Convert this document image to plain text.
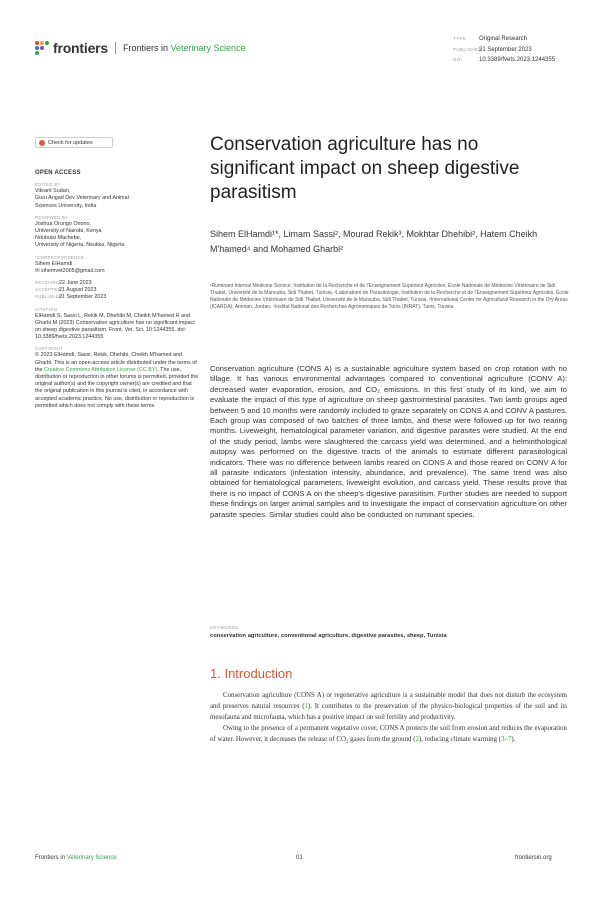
frontiers Frontiers in Veterinary Science
TYPE Original Research
PUBLISHED21 September 2023
DOI	10.3389/fvets.2023.1244355
Check for updates
OPEN ACCESS
EDITED BY
Vikrant Sudan,
Guru Angad Dev Veterinary and Animal
Sciences University, India
REVIEWED BY
Joshua Orungo Onono,
University of Nairobi, Kenya
Ndubuisi Machebe,
University of Nigeria, Nsukka, Nigeria
*CORRESPONDENCE
Sihem ElHamdi
✉ sihemvet2005@gmail.com
RECEIVED22 June 2023
ACCEPTED21 August 2023
PUBLISHED21 September 2023
CITATION
ElHamdi S, Sassi L, Rekik M, Dhehibi M, Cheikh M'hamed H and Gharbi M (2023) Conservation agriculture has no significant impact on sheep digestive parasitism. Front. Vet. Sci. 10:1244355. doi: 10.3389/fvets.2023.1244355
COPYRIGHT
© 2023 ElHamdi, Sassi, Rekik, Dhehibi, Cheikh M'hamed and Gharbi. This is an open-access article distributed under the terms of the Creative Commons Attribution License (CC BY). The use, distribution or reproduction in other forums is permitted, provided the original author(s) and the copyright owner(s) are credited and that the original publication in this journal is cited, in accordance with accepted academic practice. No use, distribution or reproduction is permitted which does not comply with these terms.
Conservation agriculture has no significant impact on sheep digestive parasitism
Sihem ElHamdi¹*, Limam Sassi², Mourad Rekik³, Mokhtar Dhehibi², Hatem Cheikh M'hamed⁴ and Mohamed Gharbi²
¹Ruminant Internal Medicine Service, Institution de la Recherche et de l'Enseignement Supérieur Agricoles, École Nationale de Médecine Vétérinaire de Sidi Thabet, Université de la Manouba, Sidi Thabet, Tunisia, ²Laboratoire de Parasitologie, Institution de la Recherche et de l'Enseignement Supérieur Agricoles, École Nationale de Médecine Vétérinaire de Sidi Thabet, Université de la Manouba, Sidi Thabet, Tunisia, ³International Center for Agricultural Research in the Dry Areas (ICARDA), Amman, Jordan, ⁴Institut National des Recherches Agronomiques de Tunis (INRAT), Tunis, Tunisia
Conservation agriculture (CONS A) is a sustainable agriculture system based on crop rotation with no tillage. It has various environmental advantages compared to conventional agriculture (CONV A): decreased water evaporation, erosion, and CO₂ emissions. In this first study of its kind, we aim to evaluate the impact of this type of agriculture on sheep gastrointestinal parasites. Two lamb groups aged between 5 and 10 months were randomly included to graze separately on CONS A and CONV A pastures. Each group was composed of two batches of three lambs, and these were followed up for two rearing months. Liveweight, hematological parameter variation, and digestive parasites were studied. At the end of the study period, lambs were slaughtered the carcass yield was determined, and a helminthological autopsy was performed on the digestive tracts of the animals to estimate different parasitological indicators. There was no difference between lambs reared on CONS A and those reared on CONV A for all parasite indicators (infestation intensity, abundance, and prevalence). The same trend was also obtained for hematological parameters, liveweight evolution, and carcass yield. These results prove that there is no impact of CONS A on the sheep's digestive parasitism. Further studies are needed to support these findings on larger animal samples and to investigate the impact of conservation agriculture on other parasite species. Similar studies could also be conducted on ruminant species.
KEYWORDS
conservation agriculture, conventional agriculture, digestive parasites, sheep, Tunisia
1. Introduction

Conservation agriculture (CONS A) or regenerative agriculture is a sustainable model that does not disturb the ecosystem and preserves natural resources (1). It contributes to the preservation of the physico-biological properties of the soil and its mesofauna and microfauna, which has a positive impact on soil fertility and productivity.

Owing to the presence of a permanent vegetative cover, CONS A protects the soil from erosion and reduces the evaporation of water. However, it decreases the release of CO₂ gases from the ground (2), reducing climate warming (3–7).

Frontiers in Veterinary Science	01	frontiersin.org
